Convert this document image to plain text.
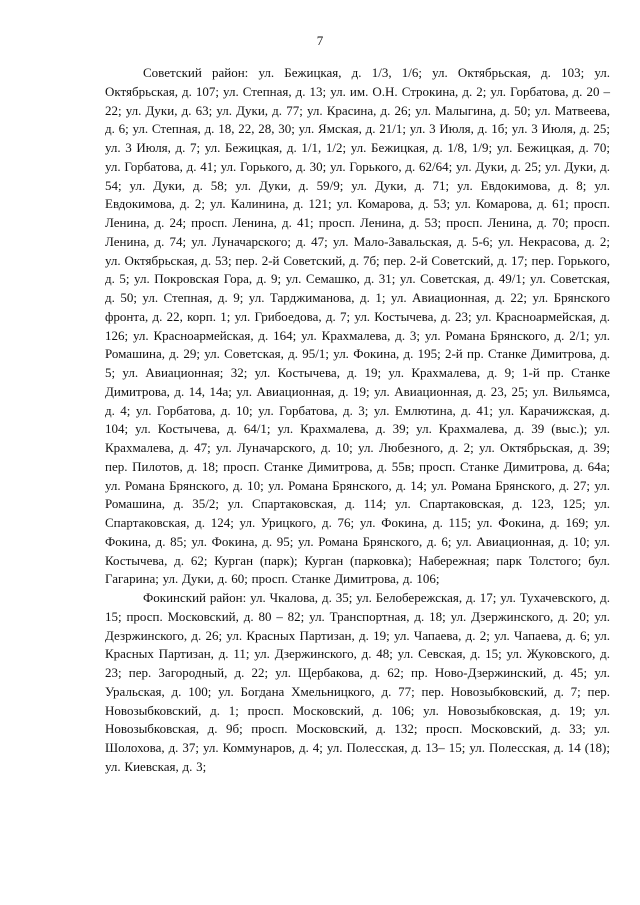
7

Советский район: ул. Бежицкая, д. 1/3, 1/6; ул. Октябрьская, д. 103; ул. Октябрьская, д. 107; ул. Степная, д. 13; ул. им. О.Н. Строкина, д. 2; ул. Горбатова, д. 20 – 22; ул. Дуки, д. 63; ул. Дуки, д. 77; ул. Красина, д. 26; ул. Малыгина, д. 50; ул. Матвеева, д. 6; ул. Степная, д. 18, 22, 28, 30; ул. Ямская, д. 21/1; ул. 3 Июля, д. 1б; ул. 3 Июля, д. 25; ул. 3 Июля, д. 7; ул. Бежицкая, д. 1/1, 1/2; ул. Бежицкая, д. 1/8, 1/9; ул. Бежицкая, д. 70; ул. Горбатова, д. 41; ул. Горького, д. 30; ул. Горького, д. 62/64; ул. Дуки, д. 25; ул. Дуки, д. 54; ул. Дуки, д. 58; ул. Дуки, д. 59/9; ул. Дуки, д. 71; ул. Евдокимова, д. 8; ул. Евдокимова, д. 2; ул. Калинина, д. 121; ул. Комарова, д. 53; ул. Комарова, д. 61; просп. Ленина, д. 24; просп. Ленина, д. 41; просп. Ленина, д. 53; просп. Ленина, д. 70; просп. Ленина, д. 74; ул. Луначарского; д. 47; ул. Мало-Завальская, д. 5-6; ул. Некрасова, д. 2; ул. Октябрьская, д. 53; пер. 2-й Советский, д. 7б; пер. 2-й Советский, д. 17; пер. Горького, д. 5; ул. Покровская Гора, д. 9; ул. Семашко, д. 31; ул. Советская, д. 49/1; ул. Советская, д. 50; ул. Степная, д. 9; ул. Тарджиманова, д. 1; ул. Авиационная, д. 22; ул. Брянского фронта, д. 22, корп. 1; ул. Грибоедова, д. 7; ул. Костычева, д. 23; ул. Красноармейская, д. 126; ул. Красноармейская, д. 164; ул. Крахмалева, д. 3; ул. Романа Брянского, д. 2/1; ул. Ромашина, д. 29; ул. Советская, д. 95/1; ул. Фокина, д. 195; 2-й пр. Станке Димитрова, д. 5; ул. Авиационная; 32; ул. Костычева, д. 19; ул. Крахмалева, д. 9; 1-й пр. Станке Димитрова, д. 14, 14а; ул. Авиационная, д. 19; ул. Авиационная, д. 23, 25; ул. Вильямса, д. 4; ул. Горбатова, д. 10; ул. Горбатова, д. 3; ул. Емлютина, д. 41; ул. Карачижская, д. 104; ул. Костычева, д. 64/1; ул. Крахмалева, д. 39; ул. Крахмалева, д. 39 (выс.); ул. Крахмалева, д. 47; ул. Луначарского, д. 10; ул. Любезного, д. 2; ул. Октябрьская, д. 39; пер. Пилотов, д. 18; просп. Станке Димитрова, д. 55в; просп. Станке Димитрова, д. 64а; ул. Романа Брянского, д. 10; ул. Романа Брянского, д. 14; ул. Романа Брянского, д. 27; ул. Ромашина, д. 35/2; ул. Спартаковская, д. 114; ул. Спартаковская, д. 123, 125; ул. Спартаковская, д. 124; ул. Урицкого, д. 76; ул. Фокина, д. 115; ул. Фокина, д. 169; ул. Фокина, д. 85; ул. Фокина, д. 95; ул. Романа Брянского, д. 6; ул. Авиационная, д. 10; ул. Костычева, д. 62; Курган (парк); Курган (парковка); Набережная; парк Толстого; бул. Гагарина; ул. Дуки, д. 60; просп. Станке Димитрова, д. 106;

Фокинский район: ул. Чкалова, д. 35; ул. Белобережская, д. 17; ул. Тухачевского, д. 15; просп. Московский, д. 80 – 82; ул. Транспортная, д. 18; ул. Дзержинского, д. 20; ул. Дезржинского, д. 26; ул. Красных Партизан, д. 19; ул. Чапаева, д. 2; ул. Чапаева, д. 6; ул. Красных Партизан, д. 11; ул. Дзержинского, д. 48; ул. Севская, д. 15; ул. Жуковского, д. 23; пер. Загородный, д. 22; ул. Щербакова, д. 62; пр. Ново-Дзержинский, д. 45; ул. Уральская, д. 100; ул. Богдана Хмельницкого, д. 77; пер. Новозыбковский, д. 7; пер. Новозыбковский, д. 1; просп. Московский, д. 106; ул. Новозыбковская, д. 19; ул. Новозыбковская, д. 9б; просп. Московский, д. 132; просп. Московский, д. 33; ул. Шолохова, д. 37; ул. Коммунаров, д. 4; ул. Полесская, д. 13– 15; ул. Полесская, д. 14 (18); ул. Киевская, д. 3;
